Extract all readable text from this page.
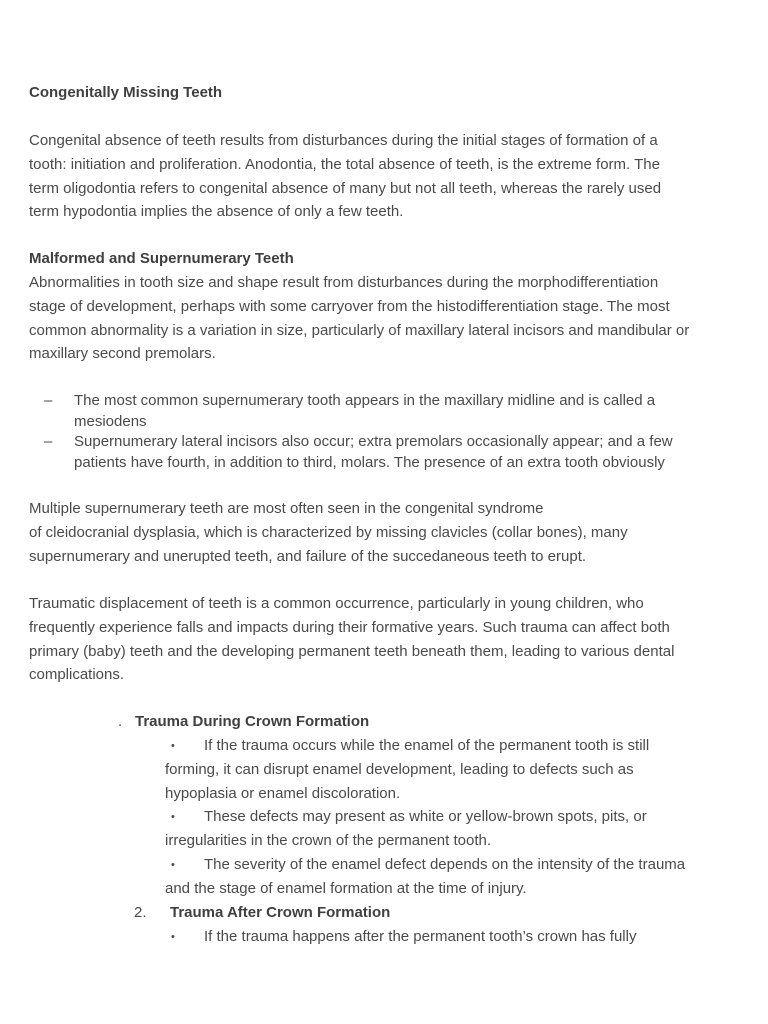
Congenitally Missing Teeth
Congenital absence of teeth results from disturbances during the initial stages of formation of a
tooth: initiation and proliferation. Anodontia, the total absence of teeth, is the extreme form. The
term oligodontia refers to congenital absence of many but not all teeth, whereas the rarely used
term hypodontia implies the absence of only a few teeth.
Malformed and Supernumerary Teeth
Abnormalities in tooth size and shape result from disturbances during the morphodifferentiation
stage of development, perhaps with some carryover from the histodifferentiation stage. The most
common abnormality is a variation in size, particularly of maxillary lateral incisors and mandibular or
maxillary second premolars.
–	The most common supernumerary tooth appears in the maxillary midline and is called a
mesiodens
–	Supernumerary lateral incisors also occur; extra premolars occasionally appear; and a few
patients have fourth, in addition to third, molars. The presence of an extra tooth obviously
Multiple supernumerary teeth are most often seen in the congenital syndrome
of cleidocranial dysplasia, which is characterized by missing clavicles (collar bones), many
supernumerary and unerupted teeth, and failure of the succedaneous teeth to erupt.
Traumatic displacement of teeth is a common occurrence, particularly in young children, who
frequently experience falls and impacts during their formative years. Such trauma can affect both
primary (baby) teeth and the developing permanent teeth beneath them, leading to various dental
complications.
. Trauma During Crown Formation
• If the trauma occurs while the enamel of the permanent tooth is still
forming, it can disrupt enamel development, leading to defects such as
hypoplasia or enamel discoloration.
• These defects may present as white or yellow-brown spots, pits, or
irregularities in the crown of the permanent tooth.
• The severity of the enamel defect depends on the intensity of the trauma
and the stage of enamel formation at the time of injury.
2. Trauma After Crown Formation
• If the trauma happens after the permanent tooth’s crown has fully
